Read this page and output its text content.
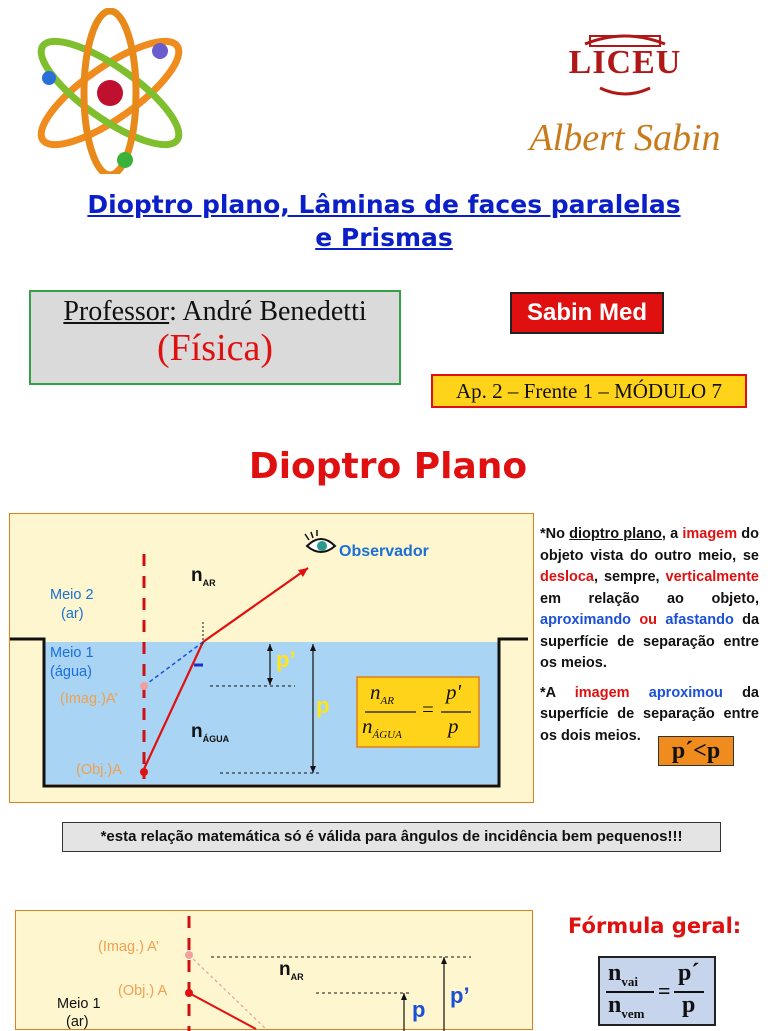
LICEU
Albert Sabin
Dioptro plano, Lâminas de faces paralelas
e Prismas
Professor: André Benedetti
(Física)
Sabin Med
Ap. 2 – Frente 1 – MÓDULO 7
Dioptro Plano
Observador
Meio 2
(ar)
Meio 1
(água)
(Imag.)A’
(Obj.)A
$n_{AR}$
$n_{ÁGUA}$
p’
p
$n_{AR}$
$n_{ÁGUA}$
=
p'
p

*No dioptro plano, a imagem do objeto vista do outro meio, se desloca, sempre, verticalmente em relação ao objeto, aproximando ou afastando da superfície de separação entre os meios.

*A imagem aproximou da superfície de separação entre os dois meios.

p´<p
*esta relação matemática só é válida para ângulos de incidência bem pequenos!!!
(Imag.) A’
(Obj.) A
Meio 1
(ar)
$n_{AR}$
p
p’
Fórmula geral:
$n_{vai}$
$n_{vem}$
=
p´
p
